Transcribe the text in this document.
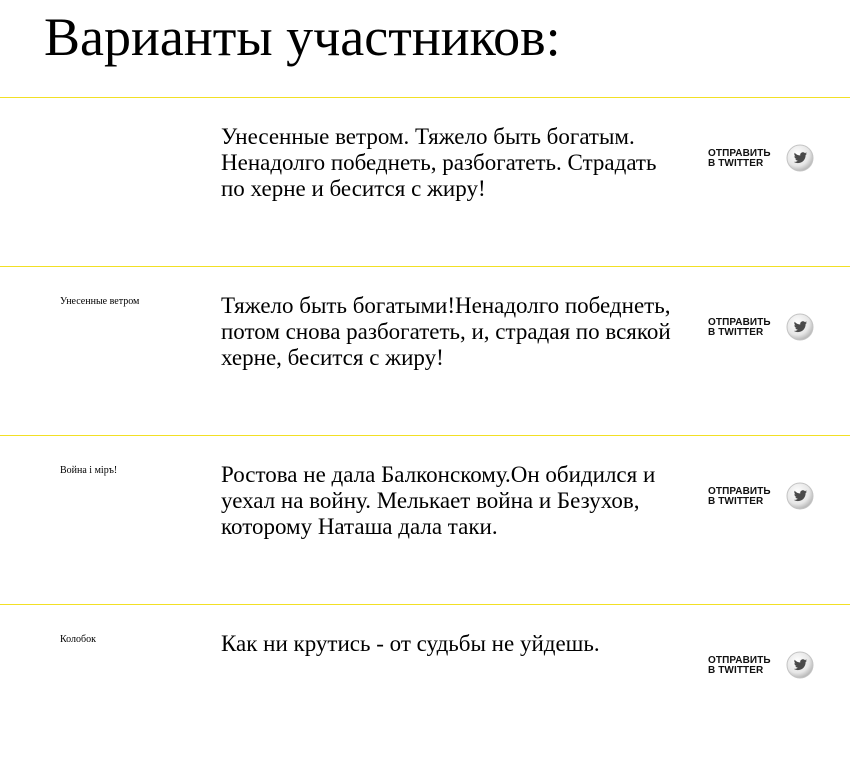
Варианты участников:
Унесенные ветром. Тяжело быть богатым. Ненадолго победнеть, разбогатеть. Страдать по херне и бесится с жиру!
ОТПРАВИТЬ
В TWITTER
Унесенные ветром	Тяжело быть богатыми!Ненадолго победнеть, потом снова разбогатеть, и, страдая по всякой херне, бесится с жиру!
ОТПРАВИТЬ
В TWITTER
Война і міръ!	Ростова не дала Балконскому.Он обидился и уехал на войну. Мелькает война и Безухов, которому Наташа дала таки.
ОТПРАВИТЬ
В TWITTER
Колобок	Как ни крутись - от судьбы не уйдешь.
ОТПРАВИТЬ
В TWITTER
